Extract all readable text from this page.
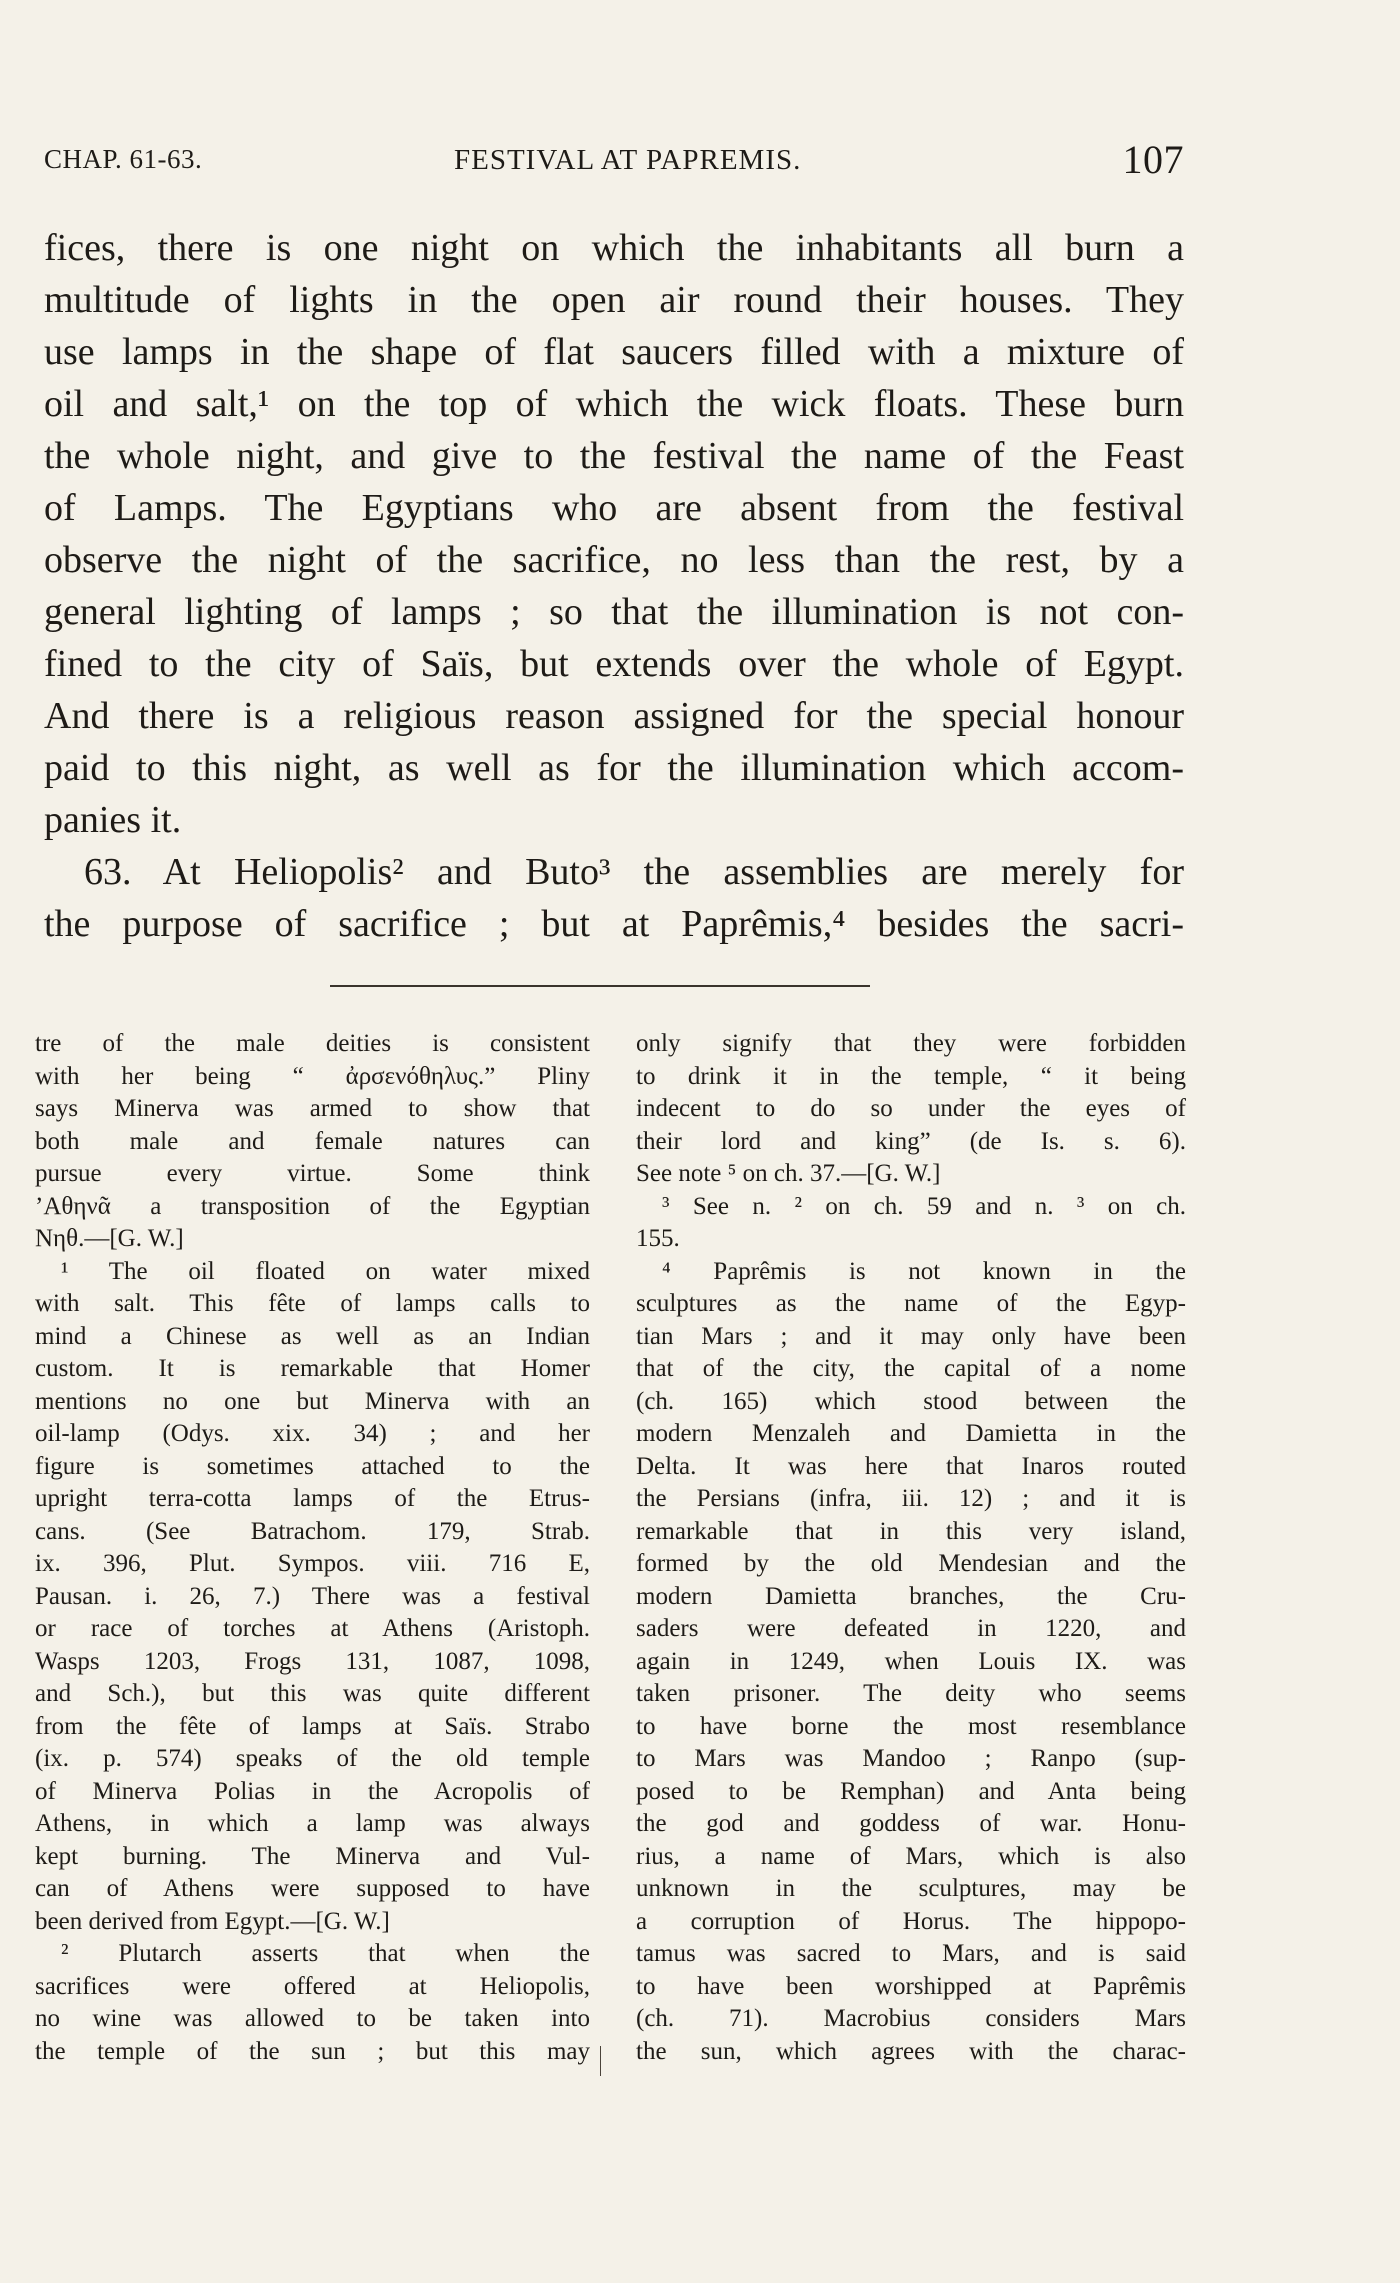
CHAP. 61-63.	FESTIVAL AT PAPREMIS.	107
fices, there is one night on which the inhabitants all burn a
multitude of lights in the open air round their houses. They
use lamps in the shape of flat saucers filled with a mixture of
oil and salt,¹ on the top of which the wick floats. These burn
the whole night, and give to the festival the name of the Feast
of Lamps. The Egyptians who are absent from the festival
observe the night of the sacrifice, no less than the rest, by a
general lighting of lamps ; so that the illumination is not con-
fined to the city of Saïs, but extends over the whole of Egypt.
And there is a religious reason assigned for the special honour
paid to this night, as well as for the illumination which accom-
panies it.
63. At Heliopolis² and Buto³ the assemblies are merely for
the purpose of sacrifice ; but at Paprêmis,⁴ besides the sacri-
tre of the male deities is consistent
with her being “ ἀρσενόθηλυς.” Pliny
says Minerva was armed to show that
both male and female natures can
pursue every virtue. Some think
’Αθηνᾶ a transposition of the Egyptian
Νηθ.—[G. W.]
¹ The oil floated on water mixed
with salt. This fête of lamps calls to
mind a Chinese as well as an Indian
custom. It is remarkable that Homer
mentions no one but Minerva with an
oil-lamp (Odys. xix. 34) ; and her
figure is sometimes attached to the
upright terra-cotta lamps of the Etrus-
cans. (See Batrachom. 179, Strab.
ix. 396, Plut. Sympos. viii. 716 E,
Pausan. i. 26, 7.) There was a festival
or race of torches at Athens (Aristoph.
Wasps 1203, Frogs 131, 1087, 1098,
and Sch.), but this was quite different
from the fête of lamps at Saïs. Strabo
(ix. p. 574) speaks of the old temple
of Minerva Polias in the Acropolis of
Athens, in which a lamp was always
kept burning. The Minerva and Vul-
can of Athens were supposed to have
been derived from Egypt.—[G. W.]
² Plutarch asserts that when the
sacrifices were offered at Heliopolis,
no wine was allowed to be taken into
the temple of the sun ; but this may
only signify that they were forbidden
to drink it in the temple, “ it being
indecent to do so under the eyes of
their lord and king” (de Is. s. 6).
See note ⁵ on ch. 37.—[G. W.]
³ See n. ² on ch. 59 and n. ³ on ch.
155.
⁴ Paprêmis is not known in the
sculptures as the name of the Egyp-
tian Mars ; and it may only have been
that of the city, the capital of a nome
(ch. 165) which stood between the
modern Menzaleh and Damietta in the
Delta. It was here that Inaros routed
the Persians (infra, iii. 12) ; and it is
remarkable that in this very island,
formed by the old Mendesian and the
modern Damietta branches, the Cru-
saders were defeated in 1220, and
again in 1249, when Louis IX. was
taken prisoner. The deity who seems
to have borne the most resemblance
to Mars was Mandoo ; Ranpo (sup-
posed to be Remphan) and Anta being
the god and goddess of war. Honu-
rius, a name of Mars, which is also
unknown in the sculptures, may be
a corruption of Horus. The hippopo-
tamus was sacred to Mars, and is said
to have been worshipped at Paprêmis
(ch. 71). Macrobius considers Mars
the sun, which agrees with the charac-
